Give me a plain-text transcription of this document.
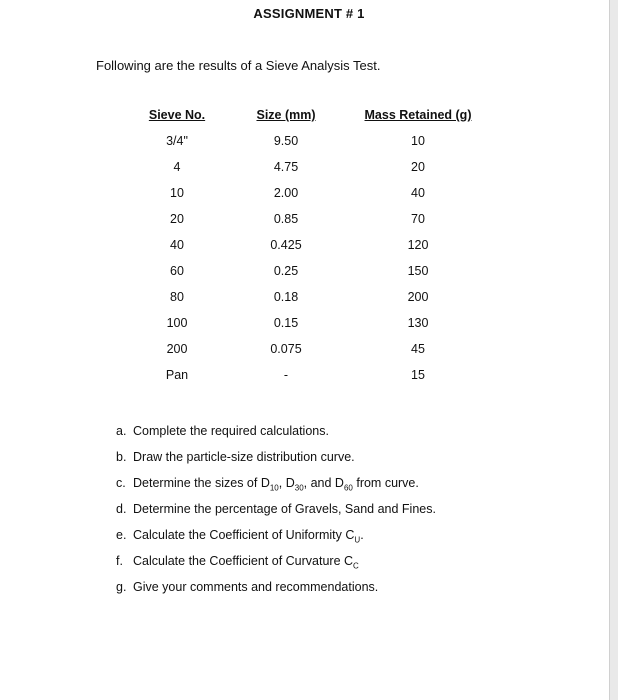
ASSIGNMENT # 1
Following are the results of a Sieve Analysis Test.
Sieve No.	Size (mm)	Mass Retained (g)
3/4"	9.50	10
4	4.75	20
10	2.00	40
20	0.85	70
40	0.425	120
60	0.25	150
80	0.18	200
100	0.15	130
200	0.075	45
Pan	-	15
a. Complete the required calculations.
b. Draw the particle-size distribution curve.
c. Determine the sizes of $D_{10}$, $D_{30}$, and $D_{60}$ from curve.
d. Determine the percentage of Gravels, Sand and Fines.
e. Calculate the Coefficient of Uniformity $C_U$.
f. Calculate the Coefficient of Curvature $C_C$
g. Give your comments and recommendations.
